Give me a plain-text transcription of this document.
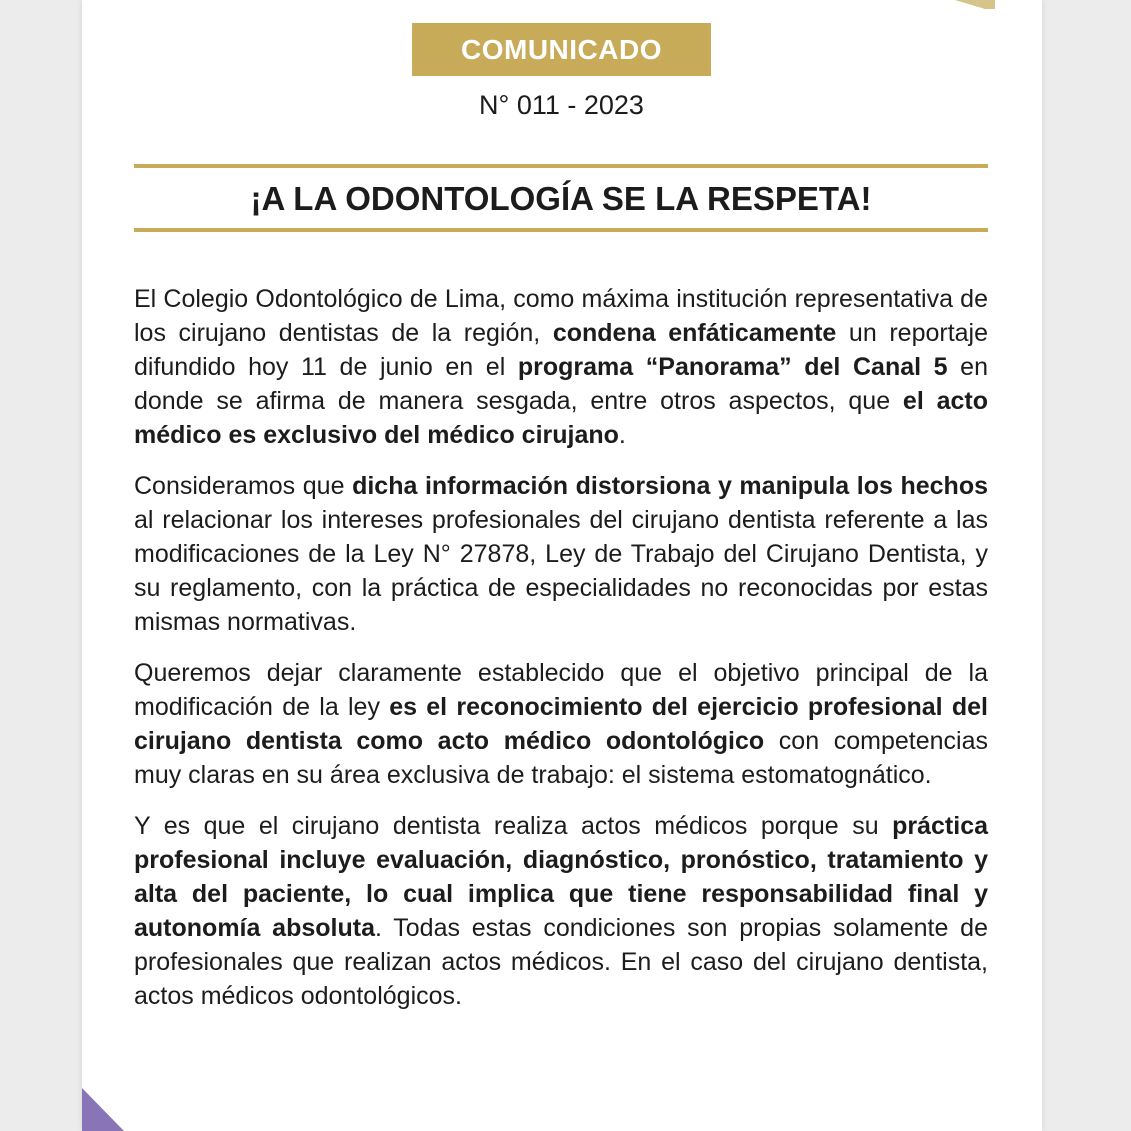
COMUNICADO
N° 011 - 2023
¡A LA ODONTOLOGÍA SE LA RESPETA!

El Colegio Odontológico de Lima, como máxima institución representativa de los cirujano dentistas de la región, condena enfáticamente un reportaje difundido hoy 11 de junio en el programa “Panorama” del Canal 5 en donde se afirma de manera sesgada, entre otros aspectos, que el acto médico es exclusivo del médico cirujano.

Consideramos que dicha información distorsiona y manipula los hechos al relacionar los intereses profesionales del cirujano dentista referente a las modificaciones de la Ley N° 27878, Ley de Trabajo del Cirujano Dentista, y su reglamento, con la práctica de especialidades no reconocidas por estas mismas normativas.

Queremos dejar claramente establecido que el objetivo principal de la modificación de la ley es el reconocimiento del ejercicio profesional del cirujano dentista como acto médico odontológico con competencias muy claras en su área exclusiva de trabajo: el sistema estomatognático.

Y es que el cirujano dentista realiza actos médicos porque su práctica profesional incluye evaluación, diagnóstico, pronóstico, tratamiento y alta del paciente, lo cual implica que tiene responsabilidad final y autonomía absoluta. Todas estas condiciones son propias solamente de profesionales que realizan actos médicos. En el caso del cirujano dentista, actos médicos odontológicos.
